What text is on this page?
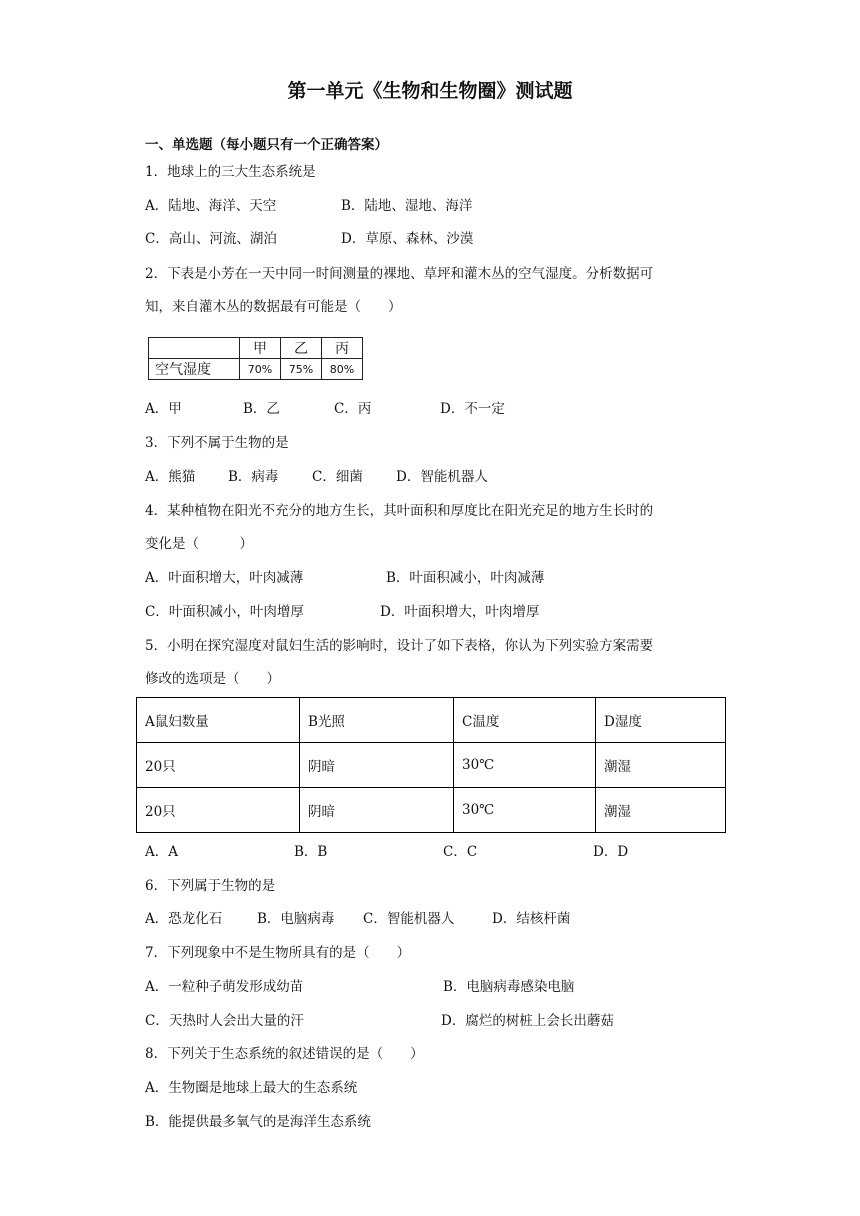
第一单元《生物和生物圈》测试题
一、单选题（每小题只有一个正确答案）
1．地球上的三大生态系统是
A．陆地、海洋、天空	B．陆地、湿地、海洋
C．高山、河流、湖泊	D．草原、森林、沙漠
2．下表是小芳在一天中同一时间测量的裸地、草坪和灌木丛的空气湿度。分析数据可
知，来自灌木丛的数据最有可能是（　　）
	甲	乙	丙
空气湿度	70%	75%	80%
A．甲	B．乙	C．丙	D．不一定
3．下列不属于生物的是
A．熊猫 B．病毒 C．细菌 D．智能机器人
4．某种植物在阳光不充分的地方生长，其叶面积和厚度比在阳光充足的地方生长时的
变化是（　　　）
A．叶面积增大，叶肉减薄	B．叶面积减小，叶肉减薄
C．叶面积减小，叶肉增厚	D．叶面积增大，叶肉增厚
5．小明在探究湿度对鼠妇生活的影响时，设计了如下表格，你认为下列实验方案需要
修改的选项是（　　）
A鼠妇数量	B光照	C温度	D湿度
20只	阴暗	30℃	潮湿
20只	阴暗	30℃	潮湿
A．A	B．B	C．C	D．D
6．下列属于生物的是
A．恐龙化石	B．电脑病毒 C．智能机器人	D．结核杆菌
7．下列现象中不是生物所具有的是（　　）
A．一粒种子萌发形成幼苗	B．电脑病毒感染电脑
C．天热时人会出大量的汗	D．腐烂的树桩上会长出蘑菇
8．下列关于生态系统的叙述错误的是（　　）
A．生物圈是地球上最大的生态系统
B．能提供最多氧气的是海洋生态系统
